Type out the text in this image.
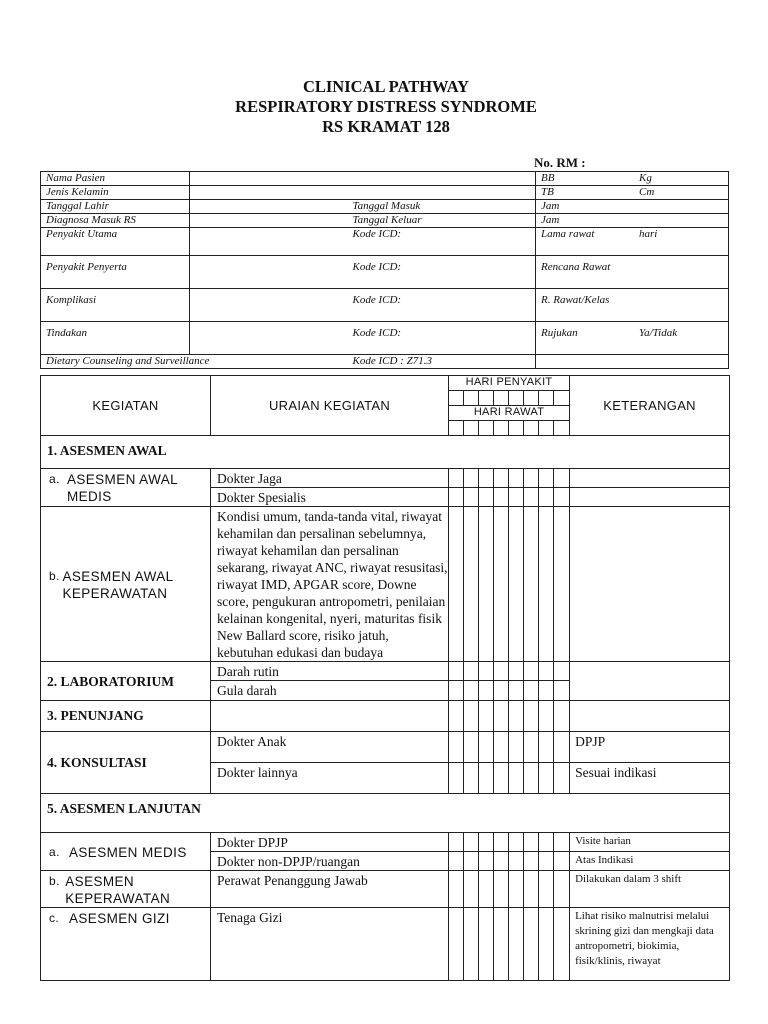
CLINICAL PATHWAY
RESPIRATORY DISTRESS SYNDROME
RS KRAMAT 128
No. RM :
Nama Pasien			BB Kg

Jenis Kelamin			TB Cm

Tanggal Lahir		Tanggal Masuk	Jam
Diagnosa Masuk RS		Tanggal Keluar	Jam
Penyakit Utama		Kode ICD:	Lama rawat hari

Penyakit Penyerta		Kode ICD:	Rencana Rawat
Komplikasi		Kode ICD:	R. Rawat/Kelas
Tindakan		Kode ICD:	Rujukan Ya/Tidak

Dietary Counseling and Surveillance		Kode ICD : Z71.3	
KEGIATAN	URAIAN KEGIATAN	HARI PENYAKIT								KETERANGAN

		HARI RAWAT								

1. ASESMEN AWAL										

a. ASESMEN AWAL MEDIS	Dokter Jaga									
	Dokter Spesialis									

b. ASESMEN AWAL KEPERAWATAN	Kondisi umum, tanda-tanda vital, riwayat kehamilan dan persalinan sebelumnya, riwayat kehamilan dan persalinan sekarang, riwayat ANC, riwayat resusitasi, riwayat IMD, APGAR score, Downe score, pengukuran antropometri, penilaian kelainan kongenital, nyeri, maturitas fisik New Ballard score, risiko jatuh, kebutuhan edukasi dan budaya									
2. LABORATORIUM	Darah rutin									
	Gula darah									
3. PENUNJANG										
4. KONSULTASI	Dokter Anak									DPJP
	Dokter lainnya									Sesuai indikasi
5. ASESMEN LANJUTAN										

a. ASESMEN MEDIS	Dokter DPJP									Visite harian
	Dokter non-DPJP/ruangan									Atas Indikasi

b. ASESMEN KEPERAWATAN	Perawat Penanggung Jawab									Dilakukan dalam 3 shift

c. ASESMEN GIZI	Tenaga Gizi									Lihat risiko malnutrisi melalui skrining gizi dan mengkaji data antropometri, biokimia, fisik/klinis, riwayat
